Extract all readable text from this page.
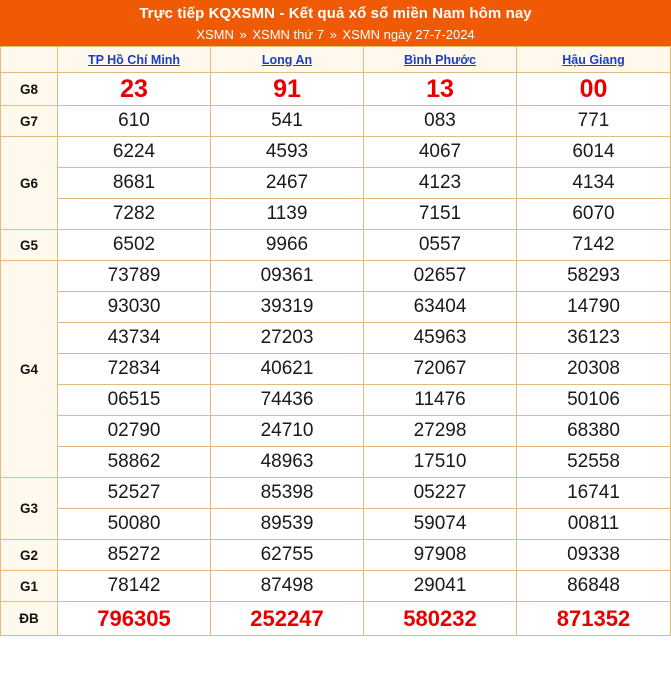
Trực tiếp KQXSMN - Kết quả xổ số miền Nam hôm nay
XSMN » XSMN thứ 7 » XSMN ngày 27-7-2024
	TP Hồ Chí Minh	Long An	Bình Phước	Hậu Giang
G8	23	91	13	00
G7	610	541	083	771
G6	6224	4593	4067	6014
	8681	2467	4123	4134
	7282	1139	7151	6070
G5	6502	9966	0557	7142
G4	73789	09361	02657	58293
	93030	39319	63404	14790
	43734	27203	45963	36123
	72834	40621	72067	20308
	06515	74436	11476	50106
	02790	24710	27298	68380
	58862	48963	17510	52558
G3	52527	85398	05227	16741
	50080	89539	59074	00811
G2	85272	62755	97908	09338
G1	78142	87498	29041	86848
ĐB	796305	252247	580232	871352
